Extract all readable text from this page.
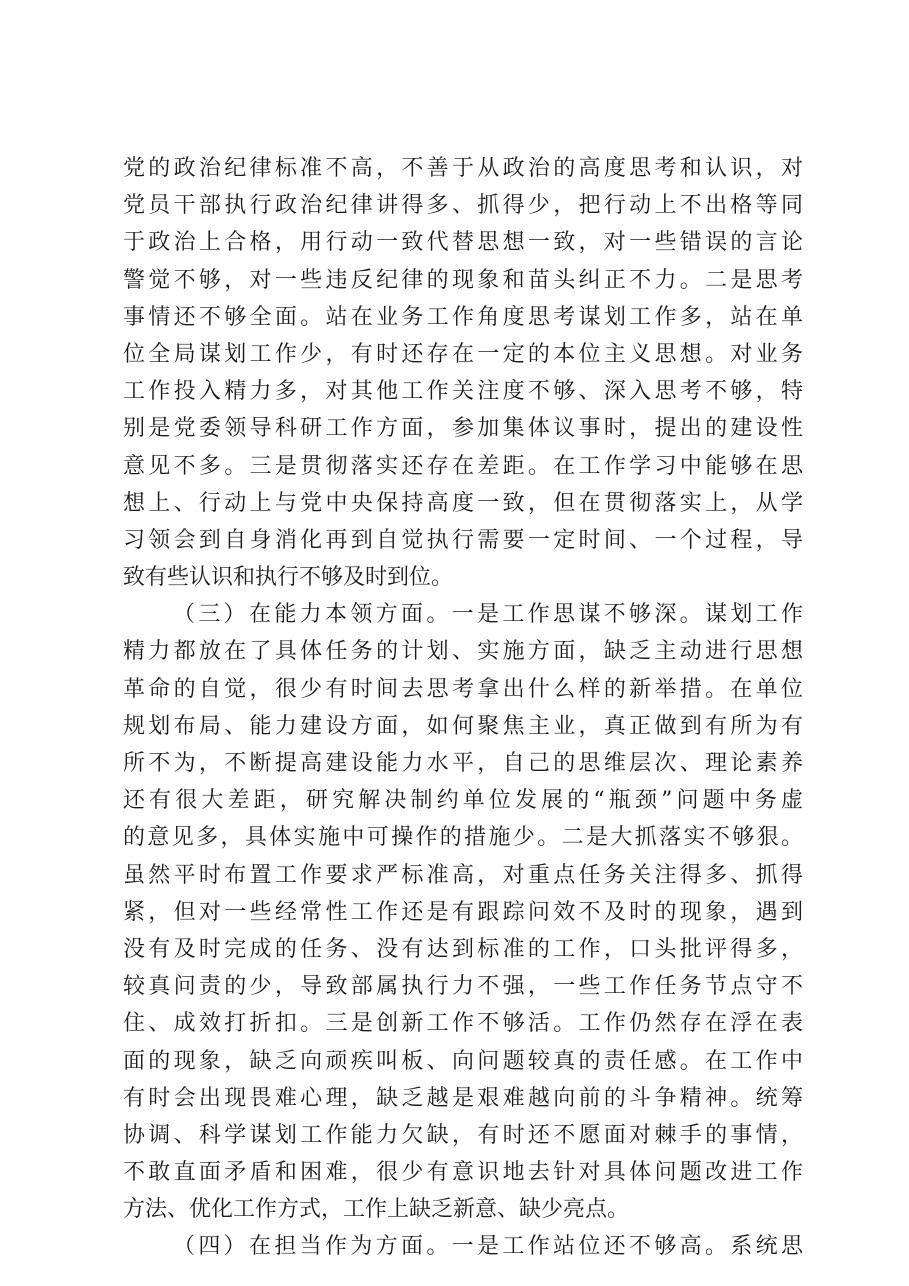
党的政治纪律标准不高，不善于从政治的高度思考和认识，对
党员干部执行政治纪律讲得多、抓得少，把行动上不出格等同
于政治上合格，用行动一致代替思想一致，对一些错误的言论
警觉不够，对一些违反纪律的现象和苗头纠正不力。二是思考
事情还不够全面。站在业务工作角度思考谋划工作多，站在单
位全局谋划工作少，有时还存在一定的本位主义思想。对业务
工作投入精力多，对其他工作关注度不够、深入思考不够，特
别是党委领导科研工作方面，参加集体议事时，提出的建设性
意见不多。三是贯彻落实还存在差距。在工作学习中能够在思
想上、行动上与党中央保持高度一致，但在贯彻落实上，从学
习领会到自身消化再到自觉执行需要一定时间、一个过程，导
致有些认识和执行不够及时到位。
（三）在能力本领方面。一是工作思谋不够深。谋划工作
精力都放在了具体任务的计划、实施方面，缺乏主动进行思想
革命的自觉，很少有时间去思考拿出什么样的新举措。在单位
规划布局、能力建设方面，如何聚焦主业，真正做到有所为有
所不为，不断提高建设能力水平，自己的思维层次、理论素养
还有很大差距，研究解决制约单位发展的“瓶颈”问题中务虚
的意见多，具体实施中可操作的措施少。二是大抓落实不够狠。
虽然平时布置工作要求严标准高，对重点任务关注得多、抓得
紧，但对一些经常性工作还是有跟踪问效不及时的现象，遇到
没有及时完成的任务、没有达到标准的工作，口头批评得多，
较真问责的少，导致部属执行力不强，一些工作任务节点守不
住、成效打折扣。三是创新工作不够活。工作仍然存在浮在表
面的现象，缺乏向顽疾叫板、向问题较真的责任感。在工作中
有时会出现畏难心理，缺乏越是艰难越向前的斗争精神。统筹
协调、科学谋划工作能力欠缺，有时还不愿面对棘手的事情，
不敢直面矛盾和困难，很少有意识地去针对具体问题改进工作
方法、优化工作方式，工作上缺乏新意、缺少亮点。
（四）在担当作为方面。一是工作站位还不够高。系统思
